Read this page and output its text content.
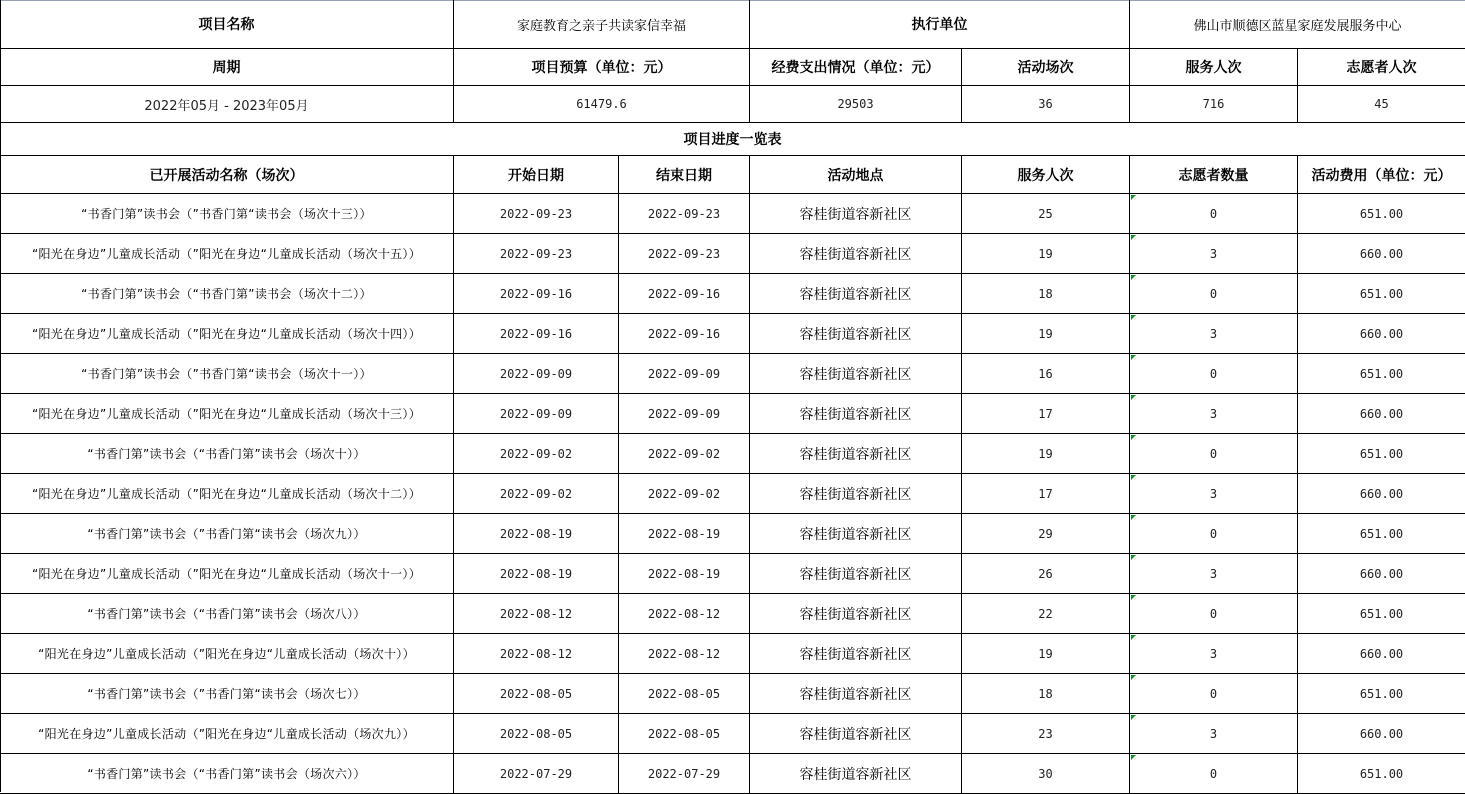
项目名称	家庭教育之亲子共读家信幸福	执行单位	佛山市顺德区蓝星家庭发展服务中心
周期	项目预算（单位：元）	经费支出情况（单位：元）	活动场次	服务人次	志愿者人次
2022年05月 - 2023年05月	61479.6	29503	36	716	45
项目进度一览表
已开展活动名称（场次）	开始日期	结束日期	活动地点	服务人次	志愿者数量	活动费用（单位：元）
“书香门第”读书会（”书香门第“读书会（场次十三））	2022-09-23	2022-09-23	容桂街道容新社区	25	0	651.00
“阳光在身边”儿童成长活动（”阳光在身边“儿童成长活动（场次十五））	2022-09-23	2022-09-23	容桂街道容新社区	19	3	660.00
“书香门第”读书会（“书香门第”读书会（场次十二））	2022-09-16	2022-09-16	容桂街道容新社区	18	0	651.00
“阳光在身边”儿童成长活动（”阳光在身边“儿童成长活动（场次十四））	2022-09-16	2022-09-16	容桂街道容新社区	19	3	660.00
“书香门第”读书会（”书香门第“读书会（场次十一））	2022-09-09	2022-09-09	容桂街道容新社区	16	0	651.00
“阳光在身边”儿童成长活动（”阳光在身边“儿童成长活动（场次十三））	2022-09-09	2022-09-09	容桂街道容新社区	17	3	660.00
“书香门第”读书会（“书香门第”读书会（场次十））	2022-09-02	2022-09-02	容桂街道容新社区	19	0	651.00
“阳光在身边”儿童成长活动（”阳光在身边“儿童成长活动（场次十二））	2022-09-02	2022-09-02	容桂街道容新社区	17	3	660.00
“书香门第”读书会（”书香门第“读书会（场次九））	2022-08-19	2022-08-19	容桂街道容新社区	29	0	651.00
“阳光在身边”儿童成长活动（”阳光在身边“儿童成长活动（场次十一））	2022-08-19	2022-08-19	容桂街道容新社区	26	3	660.00
“书香门第”读书会（“书香门第”读书会（场次八））	2022-08-12	2022-08-12	容桂街道容新社区	22	0	651.00
“阳光在身边”儿童成长活动（”阳光在身边“儿童成长活动（场次十））	2022-08-12	2022-08-12	容桂街道容新社区	19	3	660.00
“书香门第”读书会（”书香门第“读书会（场次七））	2022-08-05	2022-08-05	容桂街道容新社区	18	0	651.00
“阳光在身边”儿童成长活动（”阳光在身边“儿童成长活动（场次九））	2022-08-05	2022-08-05	容桂街道容新社区	23	3	660.00
“书香门第”读书会（“书香门第”读书会（场次六））	2022-07-29	2022-07-29	容桂街道容新社区	30	0	651.00
